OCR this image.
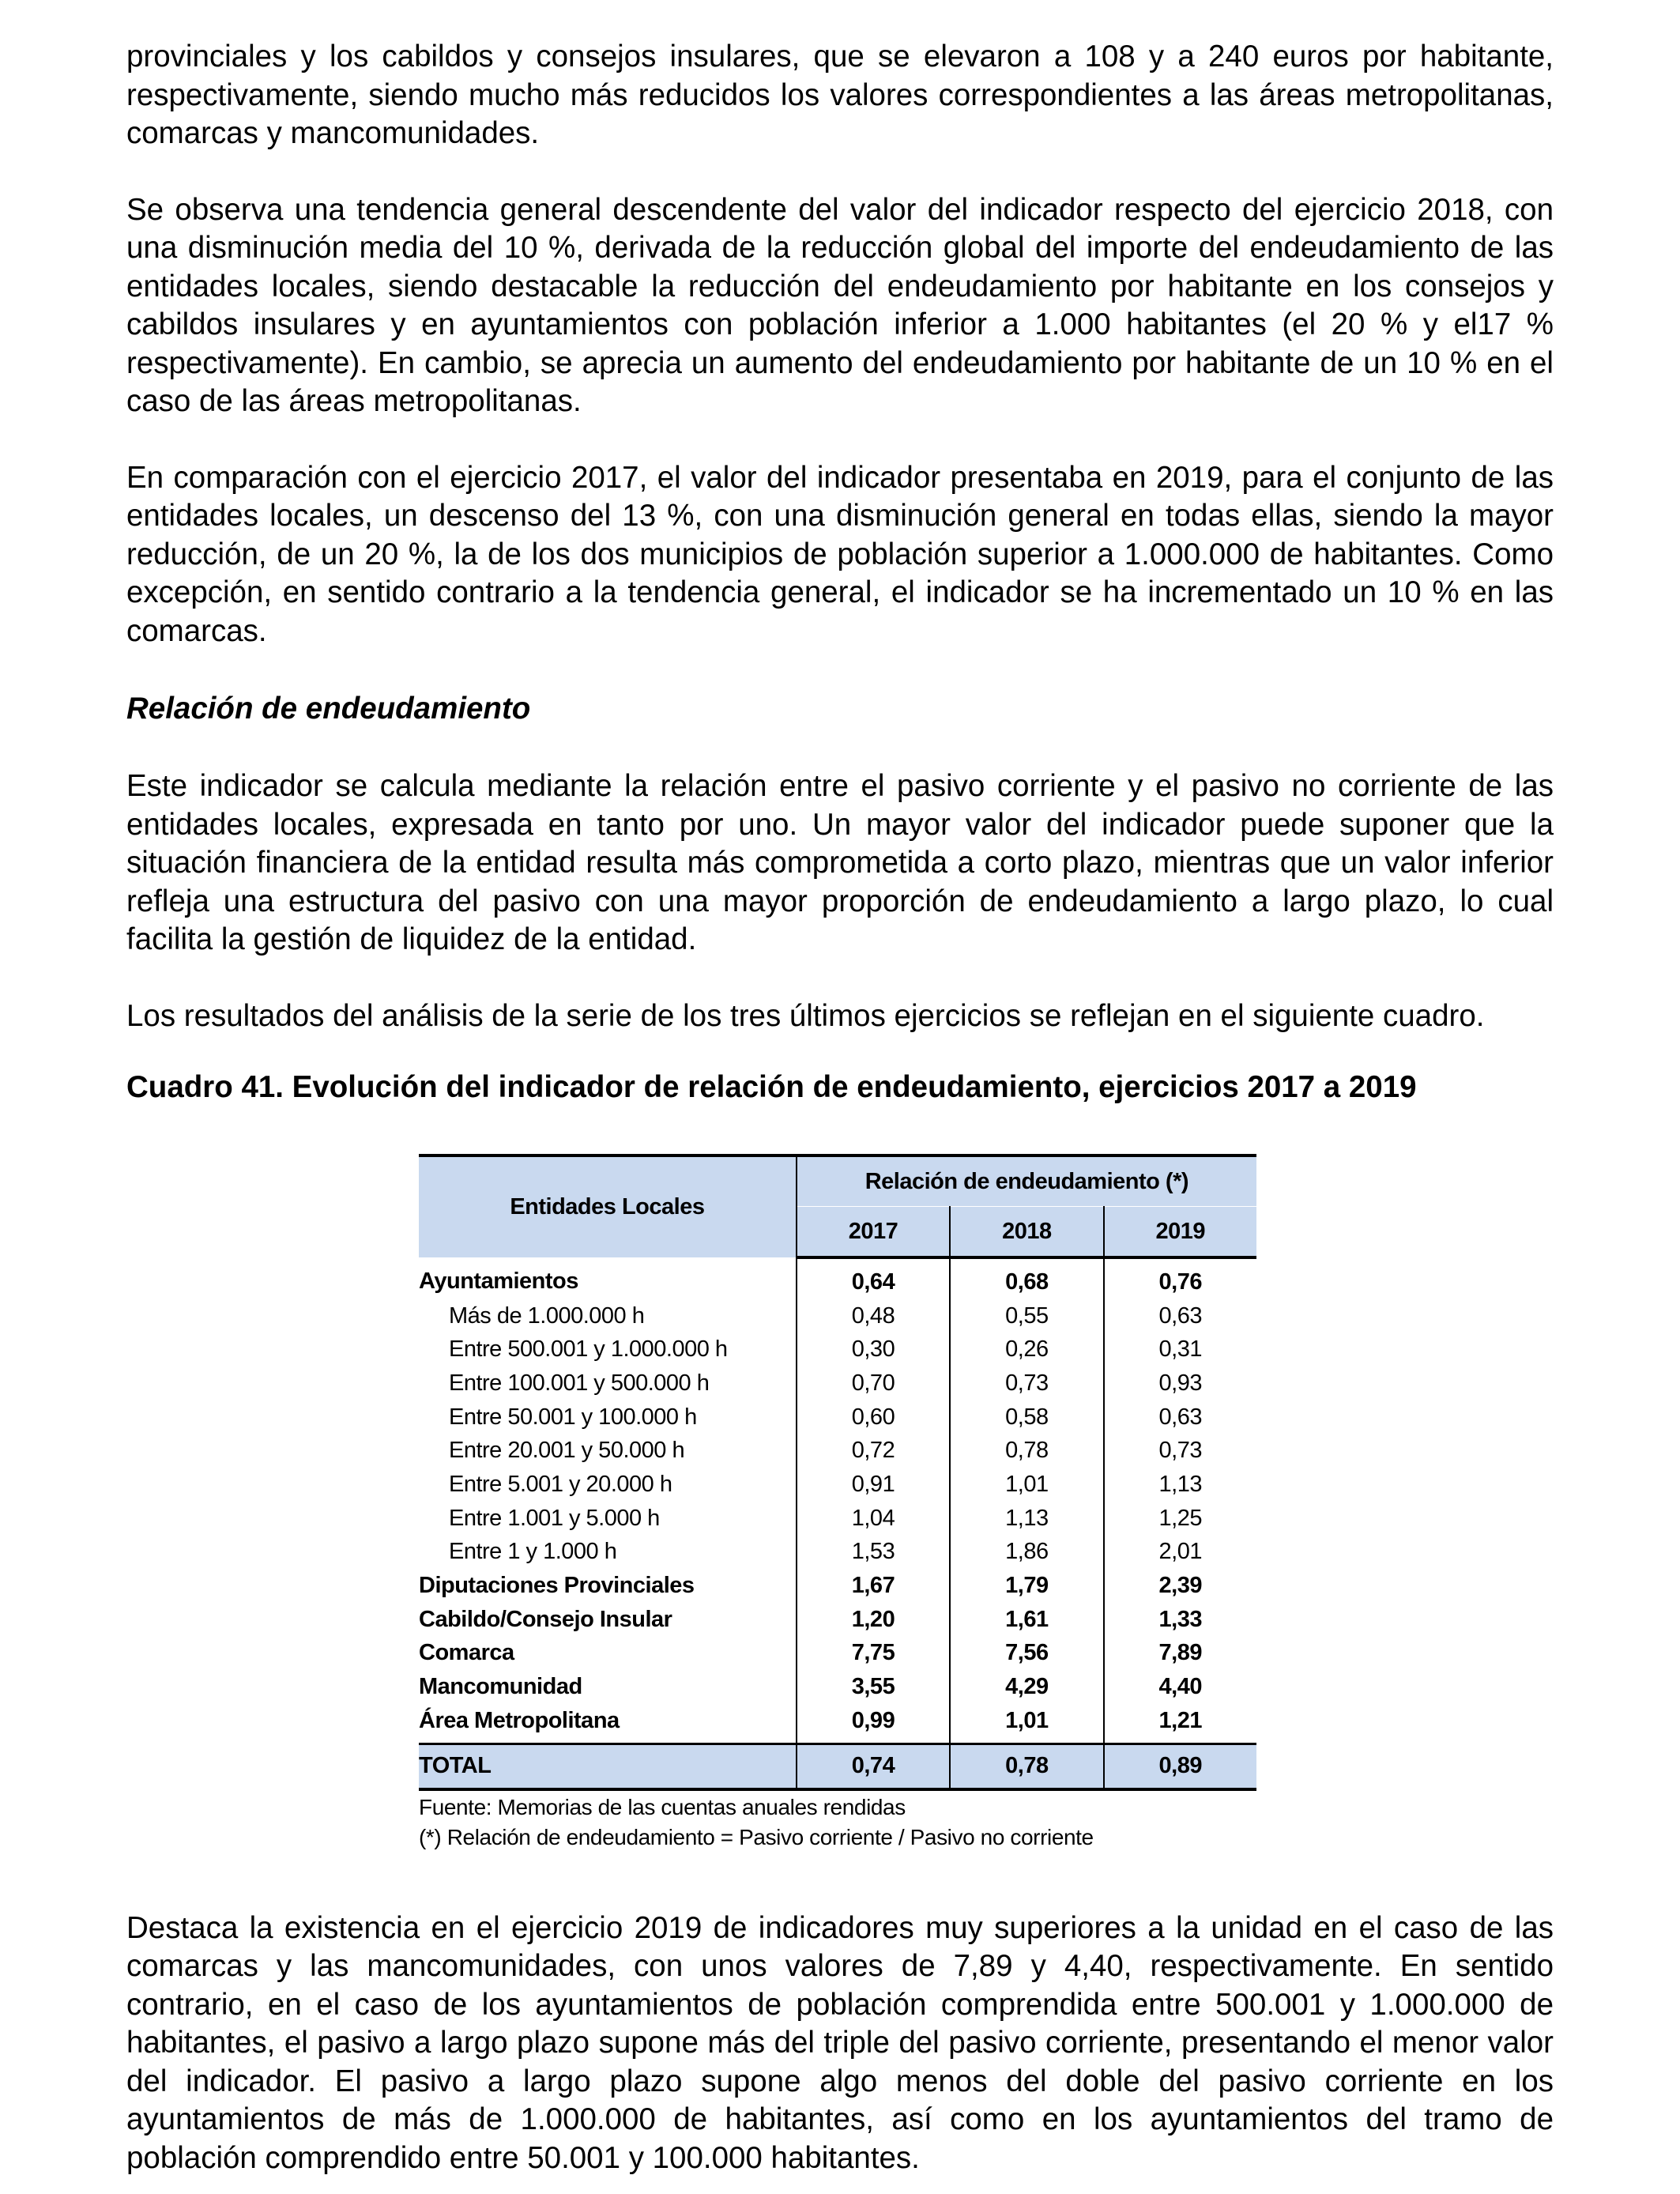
provinciales y los cabildos y consejos insulares, que se elevaron a 108 y a 240 euros por habitante, respectivamente, siendo mucho más reducidos los valores correspondientes a las áreas metropolitanas, comarcas y mancomunidades.

Se observa una tendencia general descendente del valor del indicador respecto del ejercicio 2018, con una disminución media del 10 %, derivada de la reducción global del importe del endeudamiento de las entidades locales, siendo destacable la reducción del endeudamiento por habitante en los consejos y cabildos insulares y en ayuntamientos con población inferior a 1.000 habitantes (el 20 % y el17 % respectivamente). En cambio, se aprecia un aumento del endeudamiento por habitante de un 10 % en el caso de las áreas metropolitanas.

En comparación con el ejercicio 2017, el valor del indicador presentaba en 2019, para el conjunto de las entidades locales, un descenso del 13 %, con una disminución general en todas ellas, siendo la mayor reducción, de un 20 %, la de los dos municipios de población superior a 1.000.000 de habitantes. Como excepción, en sentido contrario a la tendencia general, el indicador se ha incrementado un 10 % en las comarcas.

Relación de endeudamiento

Este indicador se calcula mediante la relación entre el pasivo corriente y el pasivo no corriente de las entidades locales, expresada en tanto por uno. Un mayor valor del indicador puede suponer que la situación financiera de la entidad resulta más comprometida a corto plazo, mientras que un valor inferior refleja una estructura del pasivo con una mayor proporción de endeudamiento a largo plazo, lo cual facilita la gestión de liquidez de la entidad.

Los resultados del análisis de la serie de los tres últimos ejercicios se reflejan en el siguiente cuadro.

Cuadro 41. Evolución del indicador de relación de endeudamiento, ejercicios 2017 a 2019
Entidades Locales	Relación de endeudamiento (*)		
	2017	2018	2019
Ayuntamientos	0,64	0,68	0,76
Más de 1.000.000 h	0,48	0,55	0,63
Entre 500.001 y 1.000.000 h	0,30	0,26	0,31
Entre 100.001 y 500.000 h	0,70	0,73	0,93
Entre 50.001 y 100.000 h	0,60	0,58	0,63
Entre 20.001 y 50.000 h	0,72	0,78	0,73
Entre 5.001 y 20.000 h	0,91	1,01	1,13
Entre 1.001 y 5.000 h	1,04	1,13	1,25
Entre 1 y 1.000 h	1,53	1,86	2,01
Diputaciones Provinciales	1,67	1,79	2,39
Cabildo/Consejo Insular	1,20	1,61	1,33
Comarca	7,75	7,56	7,89
Mancomunidad	3,55	4,29	4,40
Área Metropolitana	0,99	1,01	1,21
TOTAL	0,74	0,78	0,89
Fuente: Memorias de las cuentas anuales rendidas
(*) Relación de endeudamiento = Pasivo corriente / Pasivo no corriente

Destaca la existencia en el ejercicio 2019 de indicadores muy superiores a la unidad en el caso de las comarcas y las mancomunidades, con unos valores de 7,89 y 4,40, respectivamente. En sentido contrario, en el caso de los ayuntamientos de población comprendida entre 500.001 y 1.000.000 de habitantes, el pasivo a largo plazo supone más del triple del pasivo corriente, presentando el menor valor del indicador. El pasivo a largo plazo supone algo menos del doble del pasivo corriente en los ayuntamientos de más de 1.000.000 de habitantes, así como en los ayuntamientos del tramo de población comprendido entre 50.001 y 100.000 habitantes.
